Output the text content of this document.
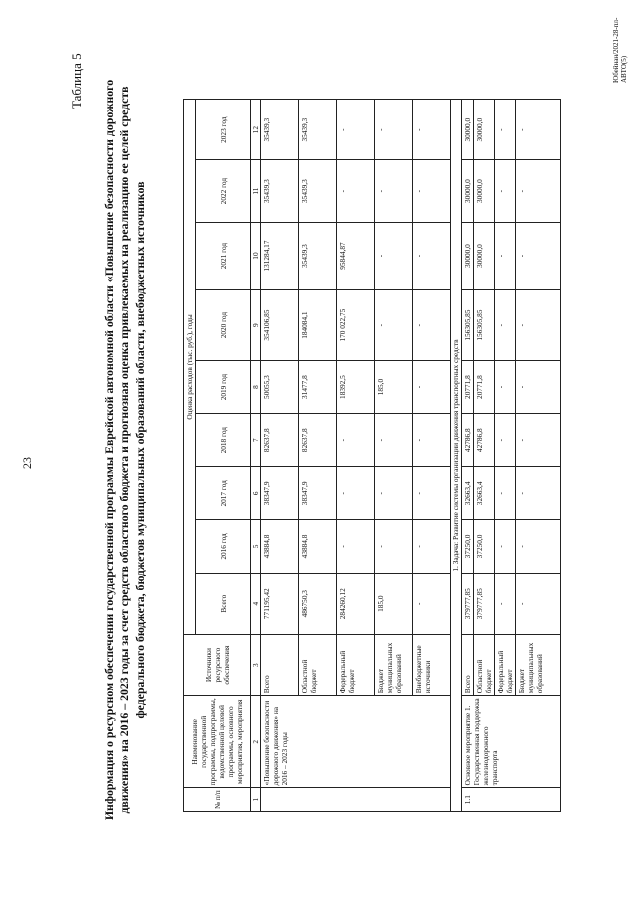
23
Таблица 5 Информация о ресурсном обеспечении государственной программы Еврейской автономной области «Повышение безопасности дорожного движения» на 2016 – 2023 годы за счет средств областного бюджета и прогнозная оценка привлекаемых на реализацию ее целей средств федерального бюджета, бюджетов муниципальных образований области, внебюджетных источников
№ п/п	Наименование государственной программы, подпрограммы, ведомственной целевой программы, основного мероприятия, мероприятия	Источники ресурсного обеспечения	Оценка расходов (тыс. руб.), годы								
			Всего	2016 год	2017 год	2018 год	2019 год	2020 год	2021 год	2022 год	2023 год
1	2	3	4	5	6	7	8	9	10	11	12
	«Повышение безопасности дорожного движения» на 2016 – 2023 годы	Всего	771195,42	43884,8	38347,9	82637,8	50055,3	354106,85	131284,17	35439,3	35439,3
		Областной бюджет	486750,3	43884,8	38347,9	82637,8	31477,8	184084,1	35439,3	35439,3	35439,3
		Федеральный бюджет	284260,12	-	-	-	18392,5	170 022,75	95844,87	-	-
		Бюджет муниципальных образований	185,0	-	-	-	185,0	-	-	-	-
		Внебюджетные источники	-	-	-	-	-	-	-	-	-
1. Задача: Развитие системы организации движения транспортных средств											
1.1	Основное мероприятие 1. Государственная поддержка железнодорожного транспорта	Всего	379777,85	37250,0	32663,4	42786,8	20771,8	156305,85	30000,0	30000,0	30000,0
		Областной бюджет	379777,85	37250,0	32663,4	42786,8	20771,8	156305,85	30000,0	30000,0	30000,0
		Федеральный бюджет	-	-	-	-	-	-	-	-	-
		Бюджет муниципальных образований	-	-	-	-	-	-	-	-	-
Юбейнан/2021-28-пл-АВТО(5)
